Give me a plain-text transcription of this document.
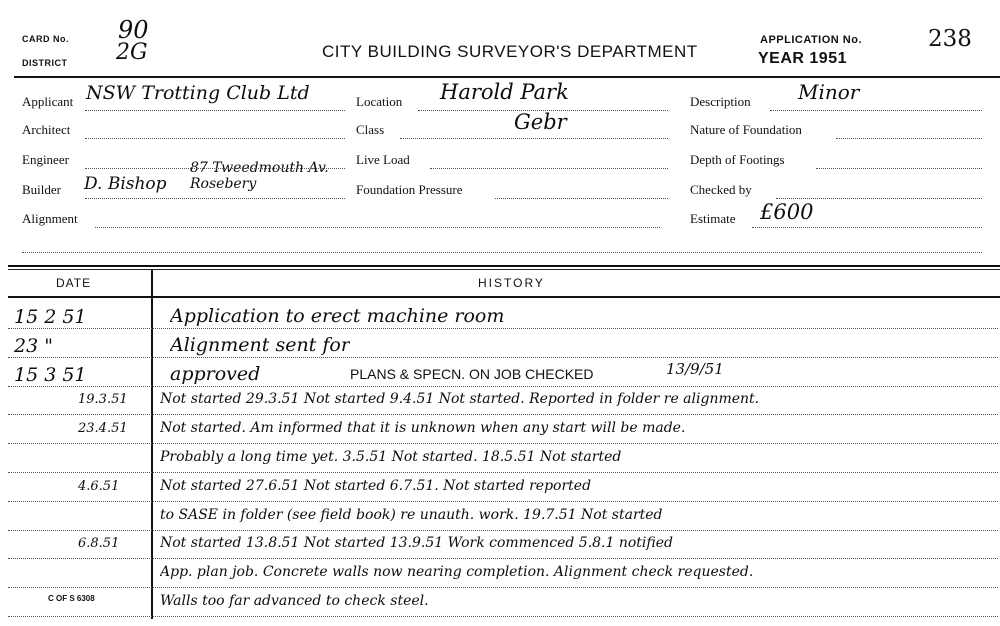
CARD No. 90
DISTRICT 2G	CITY BUILDING SURVEYOR'S DEPARTMENT
APPLICATION No.	238
YEAR 1951
Applicant NSW Trotting Club Ltd
Architect
Engineer
Builder D. Bishop
87 Tweedmouth Av. Rosebery
Alignment
Location Harold Park
Class	Gebr
Live Load
Foundation Pressure
Description Minor
Nature of Foundation
Depth of Footings
Checked by
Estimate £600
DATE	HISTORY
15 2 51	Application to erect machine room
23 "	Alignment sent for
15 3 51	approved	PLANS & SPECN. ON JOB CHECKED	13/9/51
19.3.51 Not started 29.3.51 Not started 9.4.51 Not started. Reported in folder re alignment.
23.4.51 Not started. Am informed that it is unknown when any start will be made.
Probably a long time yet. 3.5.51 Not started. 18.5.51 Not started
4.6.51	Not started 27.6.51 Not started 6.7.51. Not started reported
to SASE in folder (see field book) re unauth. work. 19.7.51 Not started
6.8.51	Not started 13.8.51 Not started 13.9.51 Work commenced 5.8.1 notified
App. plan job. Concrete walls now nearing completion. Alignment check requested.
Walls too far advanced to check steel.
C OF S 6308
